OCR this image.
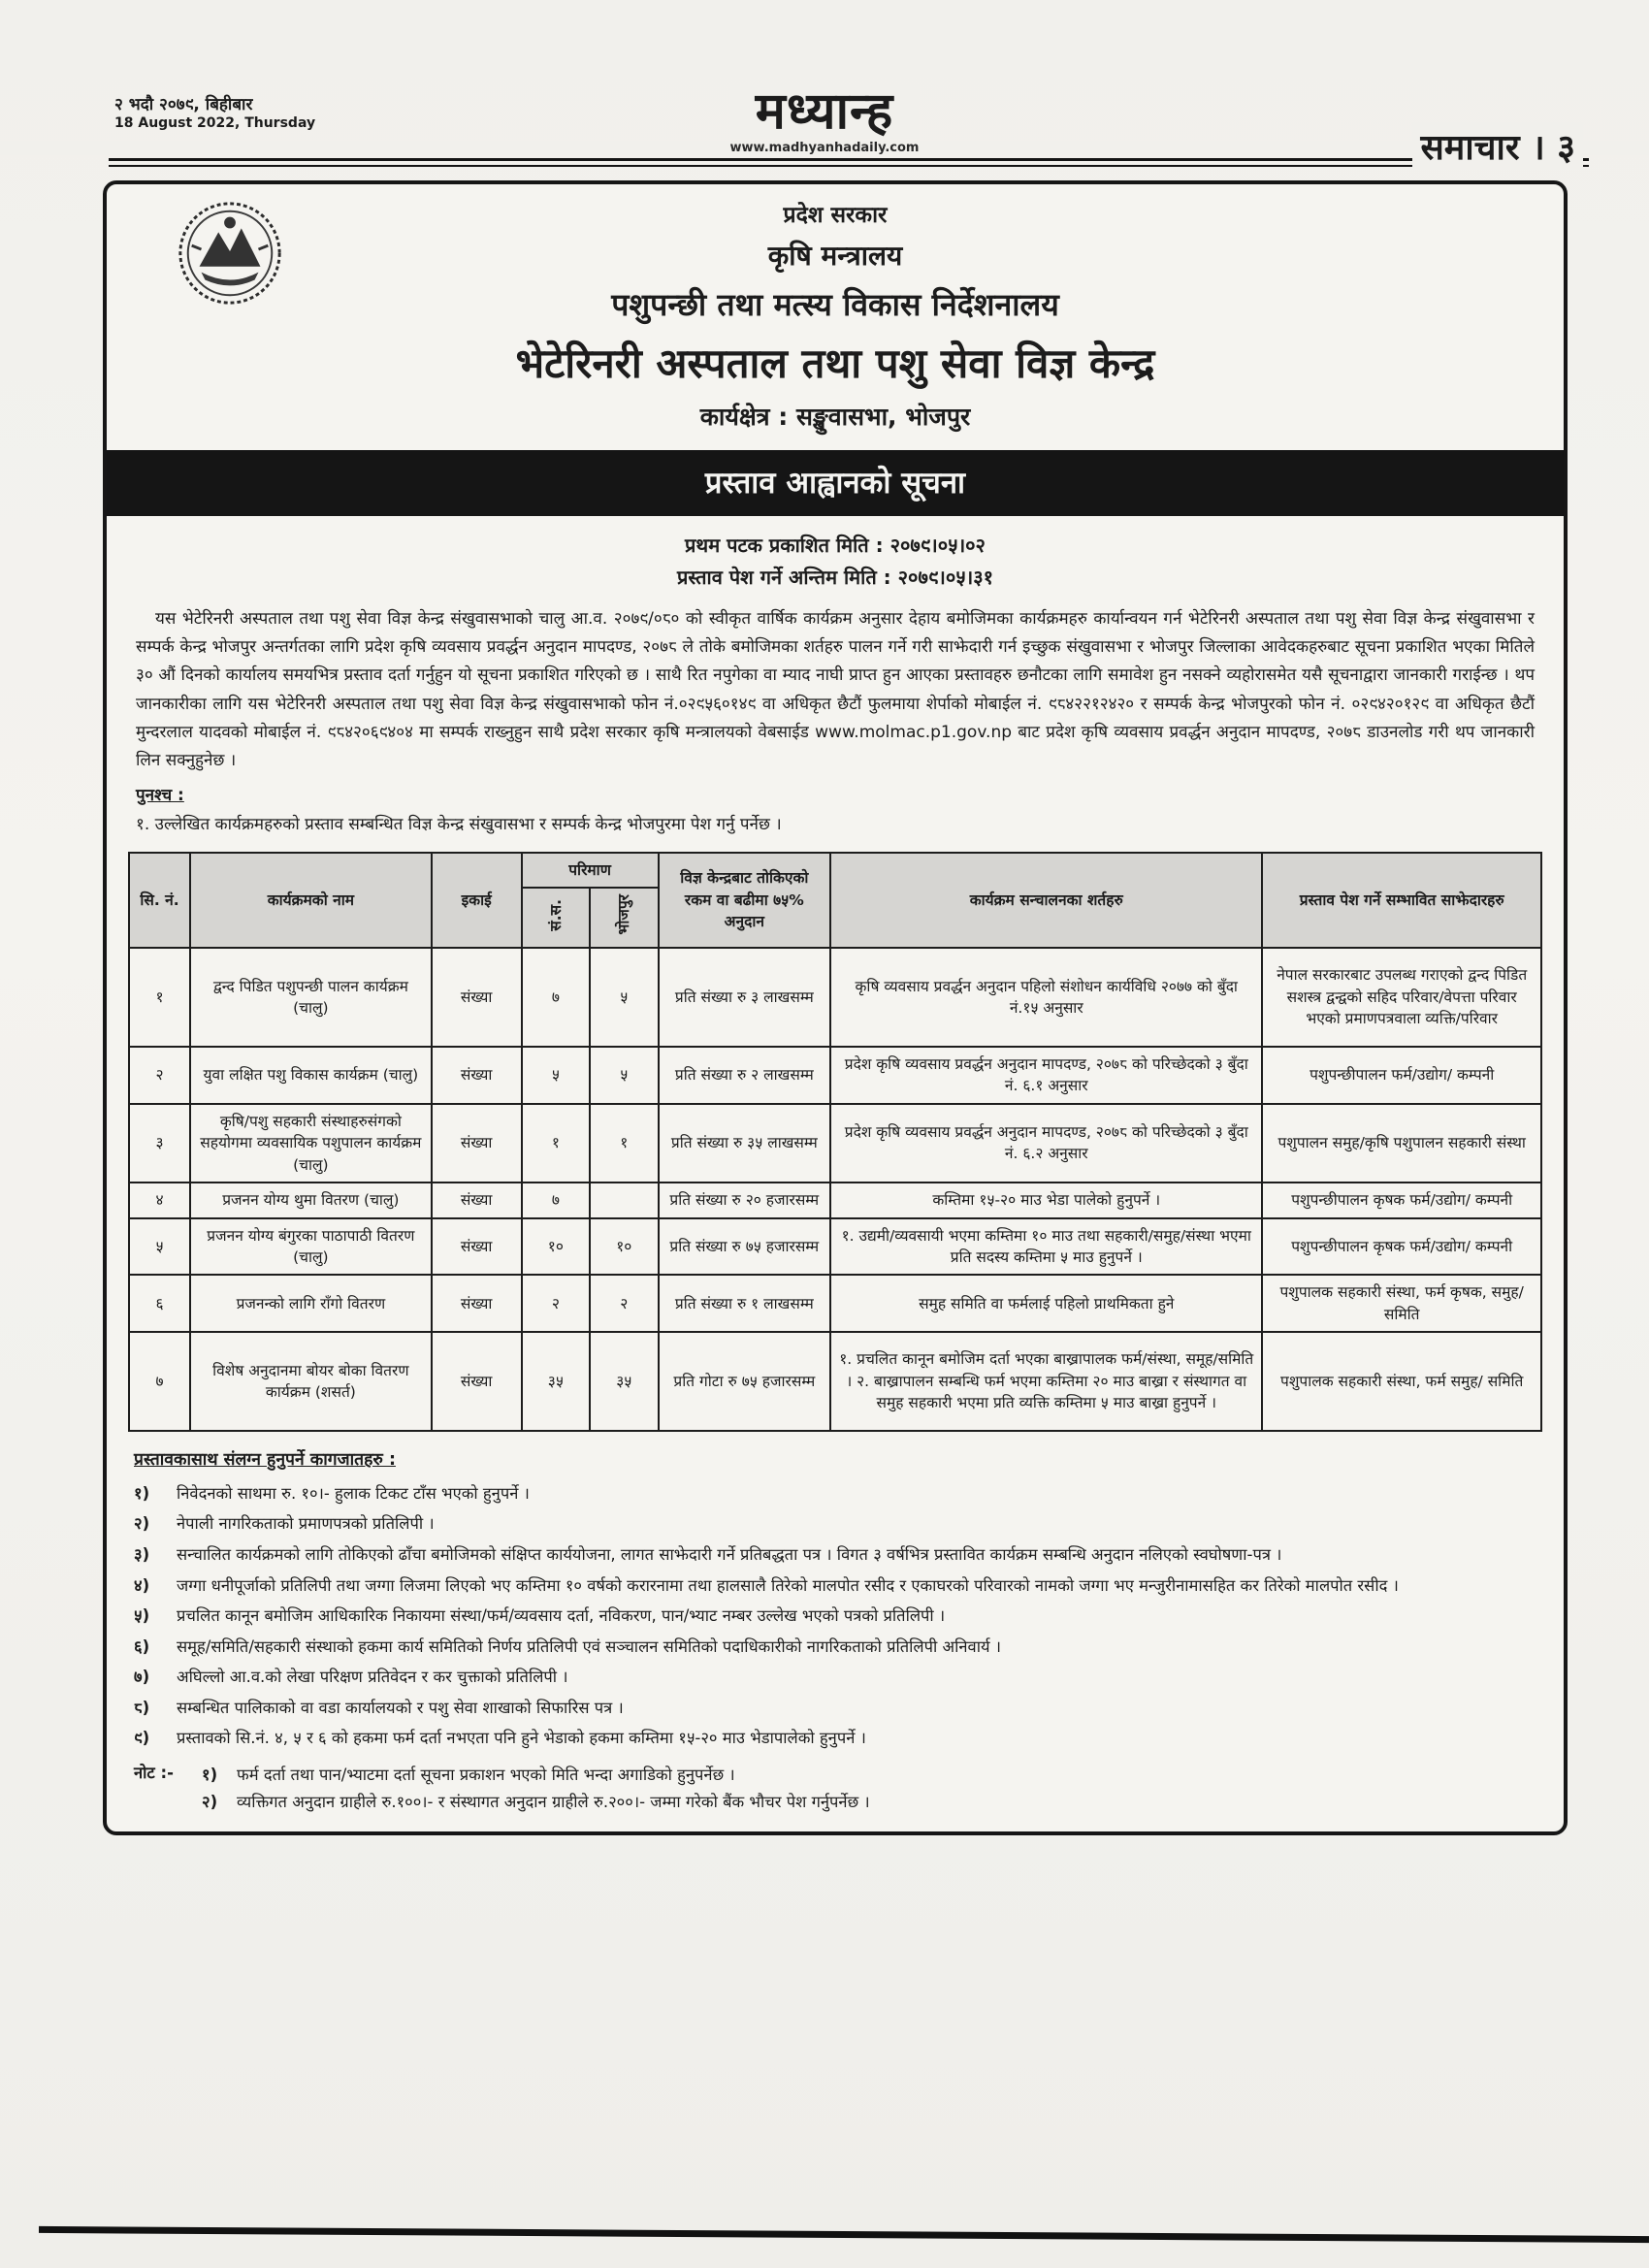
२ भदौ २०७९, बिहीबार
18 August 2022, Thursday	मध्यान्ह
www.madhyanhadaily.com	समाचार । ३
प्रदेश सरकार
कृषि मन्त्रालय
पशुपन्छी तथा मत्स्य विकास निर्देशनालय
भेटेरिनरी अस्पताल तथा पशु सेवा विज्ञ केन्द्र
कार्यक्षेत्र : सङ्खुवासभा, भोजपुर
प्रस्ताव आह्वानको सूचना
प्रथम पटक प्रकाशित मिति : २०७९।०५।०२
प्रस्ताव पेश गर्ने अन्तिम मिति : २०७९।०५।३१
यस भेटेरिनरी अस्पताल तथा पशु सेवा विज्ञ केन्द्र संखुवासभाको चालु आ.व. २०७९/०८० को स्वीकृत वार्षिक कार्यक्रम अनुसार देहाय बमोजिमका कार्यक्रमहरु कार्यान्वयन गर्न भेटेरिनरी अस्पताल तथा पशु सेवा विज्ञ केन्द्र संखुवासभा र सम्पर्क केन्द्र भोजपुर अन्तर्गतका लागि प्रदेश कृषि व्यवसाय प्रवर्द्धन अनुदान मापदण्ड, २०७८ ले तोके बमोजिमका शर्तहरु पालन गर्ने गरी साझेदारी गर्न इच्छुक संखुवासभा र भोजपुर जिल्लाका आवेदकहरुबाट सूचना प्रकाशित भएका मितिले ३० औं दिनको कार्यालय समयभित्र प्रस्ताव दर्ता गर्नुहुन यो सूचना प्रकाशित गरिएको छ । साथै रित नपुगेका वा म्याद नाघी प्राप्त हुन आएका प्रस्तावहरु छनौटका लागि समावेश हुन नसक्ने व्यहोरासमेत यसै सूचनाद्वारा जानकारी गराईन्छ । थप जानकारीका लागि यस भेटेरिनरी अस्पताल तथा पशु सेवा विज्ञ केन्द्र संखुवासभाको फोन नं.०२९५६०१४९ वा अधिकृत छैटौं फुलमाया शेर्पाको मोबाईल नं. ९८४२२१२४२० र सम्पर्क केन्द्र भोजपुरको फोन नं. ०२९४२०१२९ वा अधिकृत छैटौं मुन्दरलाल यादवको मोबाईल नं. ९८४२०६९४०४ मा सम्पर्क राख्नुहुन साथै प्रदेश सरकार कृषि मन्त्रालयको वेबसाईड www.molmac.p1.gov.np बाट प्रदेश कृषि व्यवसाय प्रवर्द्धन अनुदान मापदण्ड, २०७८ डाउनलोड गरी थप जानकारी लिन सक्नुहुनेछ ।
पुनश्च :
१. उल्लेखित कार्यक्रमहरुको प्रस्ताव सम्बन्धित विज्ञ केन्द्र संखुवासभा र सम्पर्क केन्द्र भोजपुरमा पेश गर्नु पर्नेछ ।
सि. नं.	कार्यक्रमको नाम	इकाई	परिमाण		विज्ञ केन्द्रबाट तोकिएको रकम वा बढीमा ७५% अनुदान	कार्यक्रम सन्चालनका शर्तहरु	प्रस्ताव पेश गर्ने सम्भावित साझेदारहरु
			सं.स.	भोजपुर			
१	द्वन्द पिडित पशुपन्छी पालन कार्यक्रम (चालु)	संख्या	७	५	प्रति संख्या रु ३ लाखसम्म	कृषि व्यवसाय प्रवर्द्धन अनुदान पहिलो संशोधन कार्यविधि २०७७ को बुँदा नं.१५ अनुसार	नेपाल सरकारबाट उपलब्ध गराएको द्वन्द पिडित सशस्त्र द्वन्द्वको सहिद परिवार/वेपत्ता परिवार भएको प्रमाणपत्रवाला व्यक्ति/परिवार
२	युवा लक्षित पशु विकास कार्यक्रम (चालु)	संख्या	५	५	प्रति संख्या रु २ लाखसम्म	प्रदेश कृषि व्यवसाय प्रवर्द्धन अनुदान मापदण्ड, २०७८ को परिच्छेदको ३ बुँदा नं. ६.१ अनुसार	पशुपन्छीपालन फर्म/उद्योग/ कम्पनी
३	कृषि/पशु सहकारी संस्थाहरुसंगको सहयोगमा व्यवसायिक पशुपालन कार्यक्रम (चालु)	संख्या	१	१	प्रति संख्या रु ३५ लाखसम्म	प्रदेश कृषि व्यवसाय प्रवर्द्धन अनुदान मापदण्ड, २०७८ को परिच्छेदको ३ बुँदा नं. ६.२ अनुसार	पशुपालन समुह/कृषि पशुपालन सहकारी संस्था
४	प्रजनन योग्य थुमा वितरण (चालु)	संख्या	७		प्रति संख्या रु २० हजारसम्म	कम्तिमा १५-२० माउ भेडा पालेको हुनुपर्ने ।	पशुपन्छीपालन कृषक फर्म/उद्योग/ कम्पनी
५	प्रजनन योग्य बंगुरका पाठापाठी वितरण (चालु)	संख्या	१०	१०	प्रति संख्या रु ७५ हजारसम्म	१. उद्यमी/व्यवसायी भएमा कम्तिमा १० माउ तथा सहकारी/समुह/संस्था भएमा प्रति सदस्य कम्तिमा ५ माउ हुनुपर्ने ।	पशुपन्छीपालन कृषक फर्म/उद्योग/ कम्पनी
६	प्रजनन्को लागि राँगो वितरण	संख्या	२	२	प्रति संख्या रु १ लाखसम्म	समुह समिति वा फर्मलाई पहिलो प्राथमिकता हुने	पशुपालक सहकारी संस्था, फर्म कृषक, समुह/समिति
७	विशेष अनुदानमा बोयर बोका वितरण कार्यक्रम (शसर्त)	संख्या	३५	३५	प्रति गोटा रु ७५ हजारसम्म	१. प्रचलित कानून बमोजिम दर्ता भएका बाख्रापालक फर्म/संस्था, समूह/समिति । २. बाख्रापालन सम्बन्धि फर्म भएमा कम्तिमा २० माउ बाख्रा र संस्थागत वा समुह सहकारी भएमा प्रति व्यक्ति कम्तिमा ५ माउ बाख्रा हुनुपर्ने ।	पशुपालक सहकारी संस्था, फर्म समुह/ समिति
प्रस्तावकासाथ संलग्न हुनुपर्ने कागजातहरु :
१)	निवेदनको साथमा रु. १०।- हुलाक टिकट टाँस भएको हुनुपर्ने ।
२)	नेपाली नागरिकताको प्रमाणपत्रको प्रतिलिपी ।
३)	सन्चालित कार्यक्रमको लागि तोकिएको ढाँचा बमोजिमको संक्षिप्त कार्ययोजना, लागत साझेदारी गर्ने प्रतिबद्धता पत्र । विगत ३ वर्षभित्र प्रस्तावित कार्यक्रम सम्बन्धि अनुदान नलिएको स्वघोषणा-पत्र ।
४)	जग्गा धनीपूर्जाको प्रतिलिपी तथा जग्गा लिजमा लिएको भए कम्तिमा १० वर्षको करारनामा तथा हालसालै तिरेको मालपोत रसीद र एकाघरको परिवारको नामको जग्गा भए मन्जुरीनामासहित कर तिरेको मालपोत रसीद ।
५)	प्रचलित कानून बमोजिम आधिकारिक निकायमा संस्था/फर्म/व्यवसाय दर्ता, नविकरण, पान/भ्याट नम्बर उल्लेख भएको पत्रको प्रतिलिपी ।
६)	समूह/समिति/सहकारी संस्थाको हकमा कार्य समितिको निर्णय प्रतिलिपी एवं सञ्चालन समितिको पदाधिकारीको नागरिकताको प्रतिलिपी अनिवार्य ।
७)	अघिल्लो आ.व.को लेखा परिक्षण प्रतिवेदन र कर चुक्ताको प्रतिलिपी ।
८)	सम्बन्धित पालिकाको वा वडा कार्यालयको र पशु सेवा शाखाको सिफारिस पत्र ।
९)	प्रस्तावको सि.नं. ४, ५ र ६ को हकमा फर्म दर्ता नभएता पनि हुने भेडाको हकमा कम्तिमा १५-२० माउ भेडापालेको हुनुपर्ने ।
नोट :-	१)	फर्म दर्ता तथा पान/भ्याटमा दर्ता सूचना प्रकाशन भएको मिति भन्दा अगाडिको हुनुपर्नेछ ।
२)	व्यक्तिगत अनुदान ग्राहीले रु.१००।- र संस्थागत अनुदान ग्राहीले रु.२००।- जम्मा गरेको बैंक भौचर पेश गर्नुपर्नेछ ।
